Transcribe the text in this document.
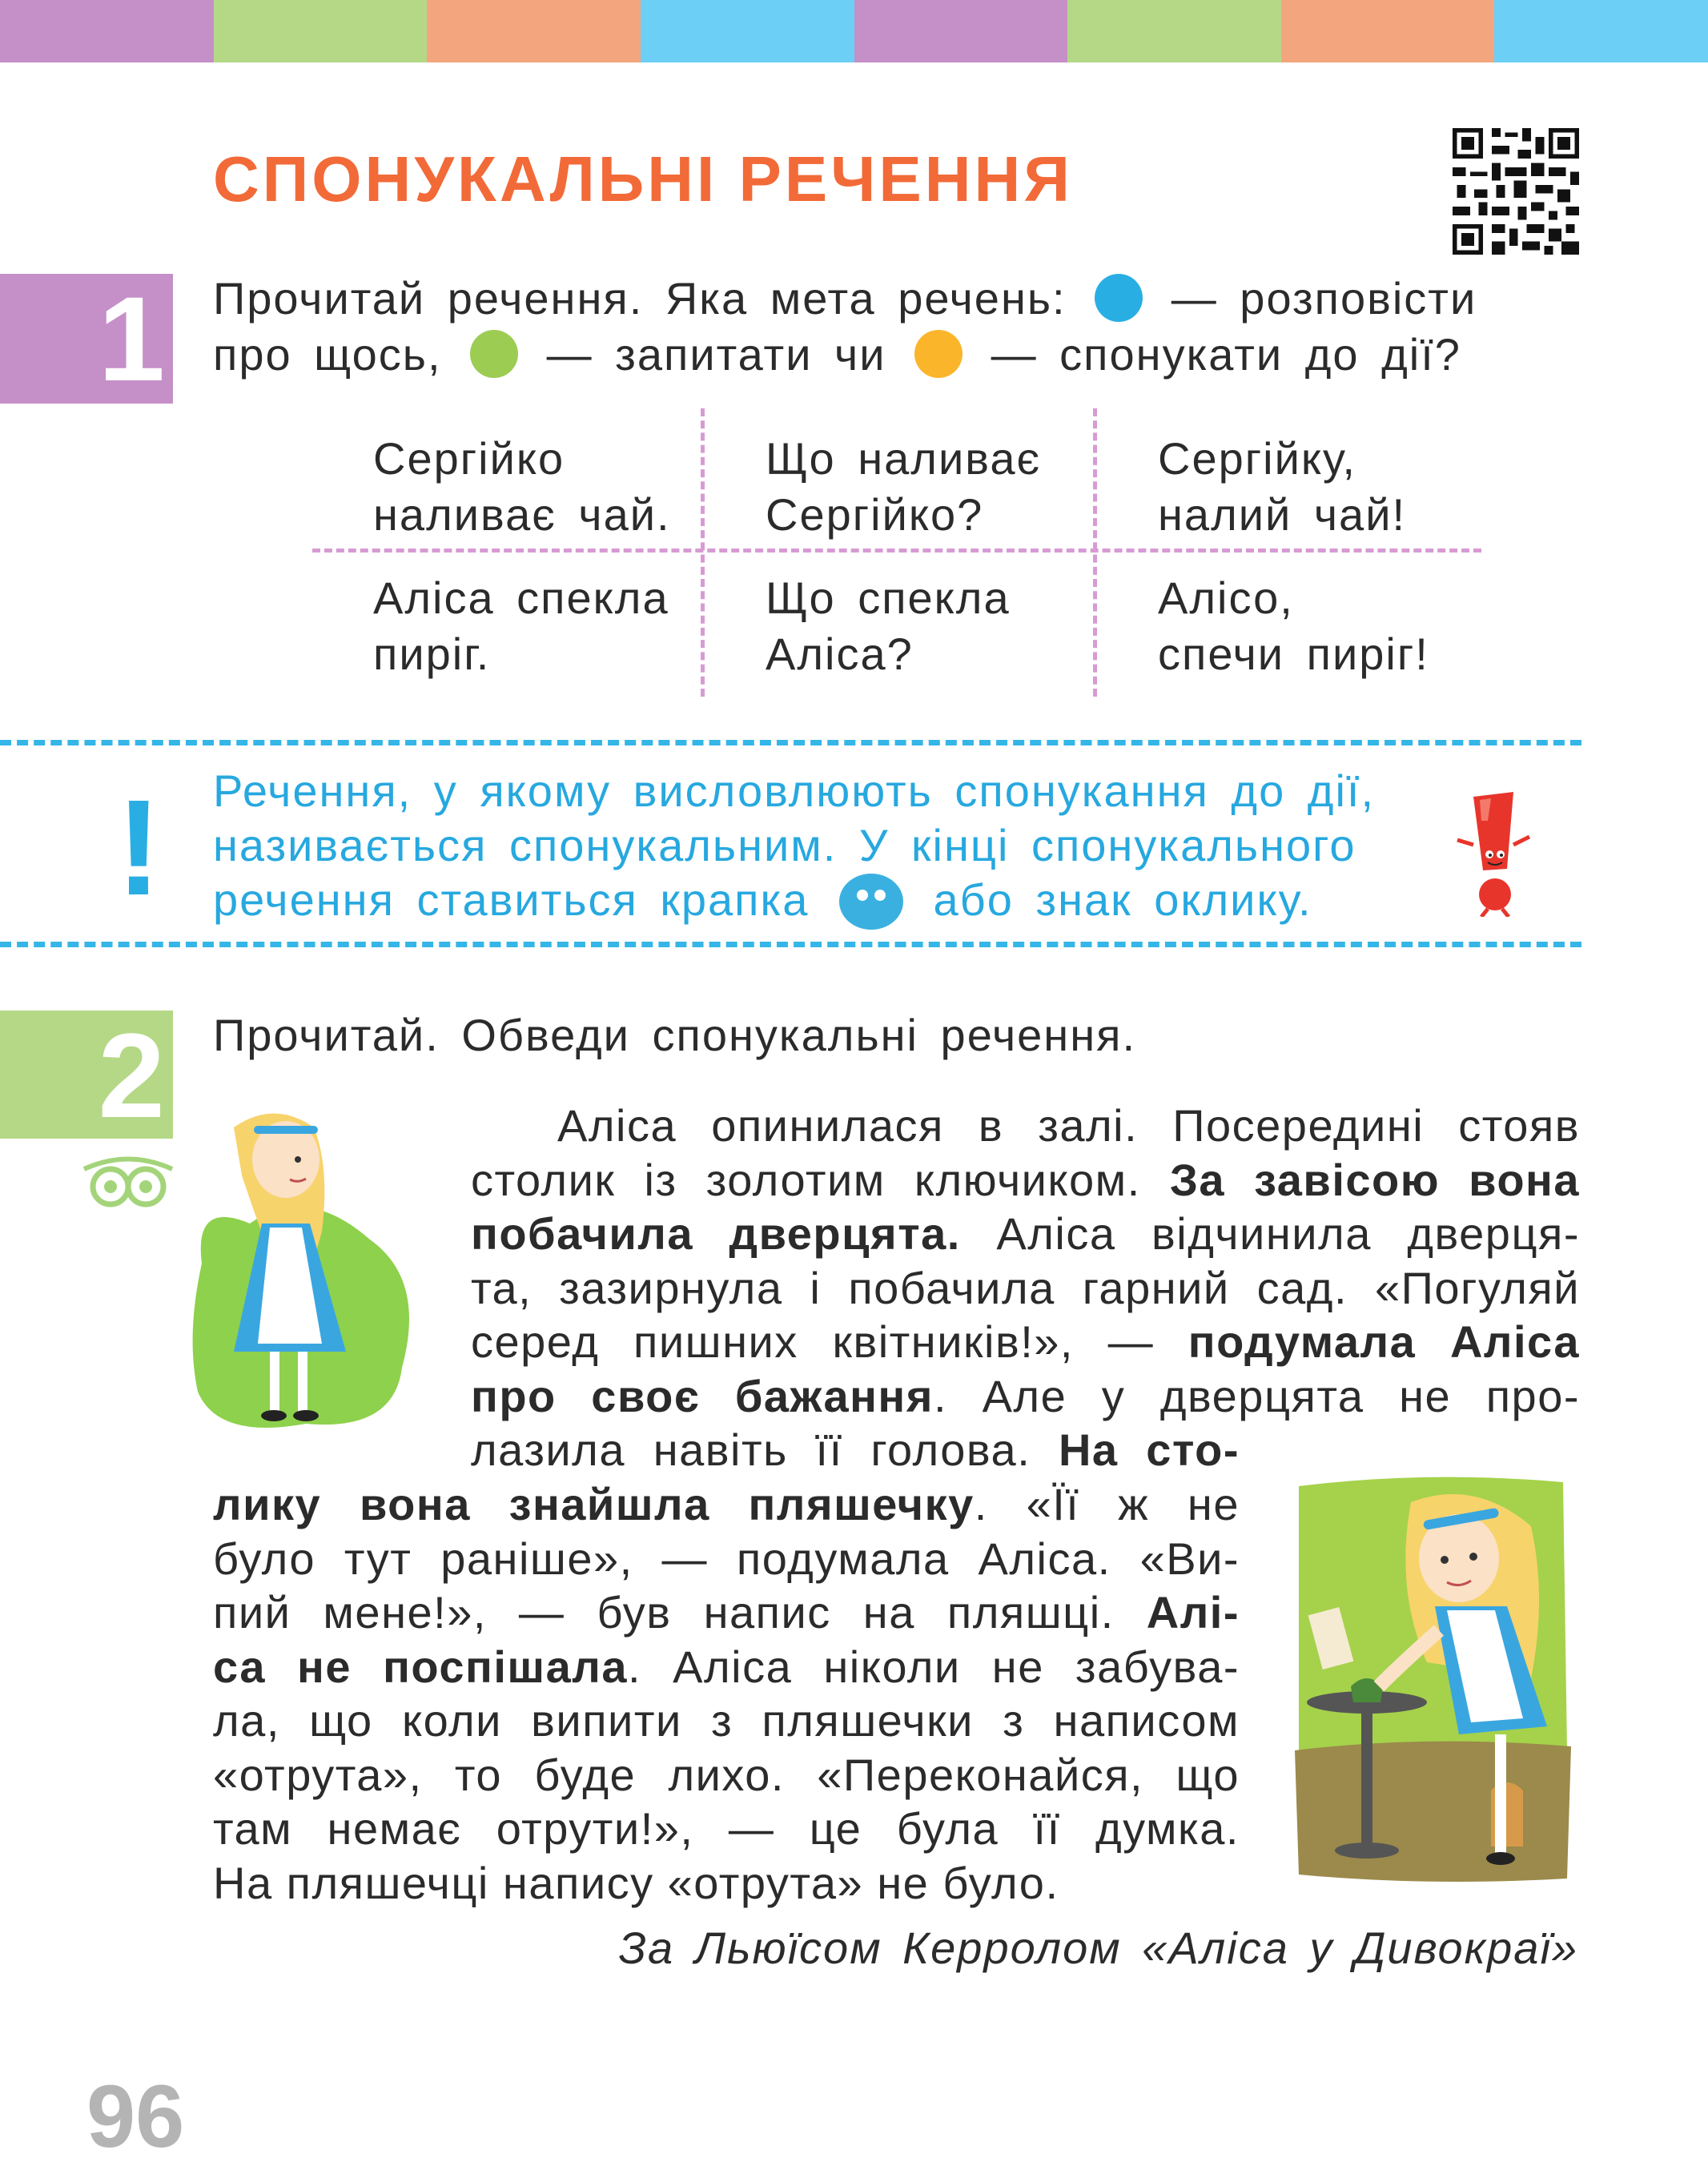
СПОНУКАЛЬНІ РЕЧЕННЯ
1 Прочитай речення. Яка мета речень: — розповісти
про щось, — запитати чи — спонукати до дії?
Сергійко
наливає чай.
Що наливає
Сергійко?
Сергійку,
налий чай!
Аліса спекла
пиріг.
Що спекла
Аліса?
Алісо,
спечи пиріг!
! Речення, у якому висловлюють спонукання до дії,
називається спонукальним. У кінці спонукального
речення ставиться крапка	або знак оклику.
2 Прочитай. Обведи спонукальні речення.
Аліса опинилася в залі. Посередині стояв
столик із золотим ключиком. За завісою вона
побачила дверцята. Аліса відчинила дверця-
та, зазирнула і побачила гарний сад. «Погуляй
серед пишних квітників!», — подумала Аліса
про своє бажання. Але у дверцята не про-
лазила навіть її голова. На сто-
лику вона знайшла пляшечку. «Її ж не
було тут раніше», — подумала Аліса. «Ви-
пий мене!», — був напис на пляшці. Алі-
са не поспішала. Аліса ніколи не забува-
ла, що коли випити з пляшечки з написом
«отрута», то буде лихо. «Переконайся, що
там немає отрути!», — це була її думка.
На пляшечці напису «отрута» не було.
За Льюїсом Керролом «Аліса у Дивокраї»
96
